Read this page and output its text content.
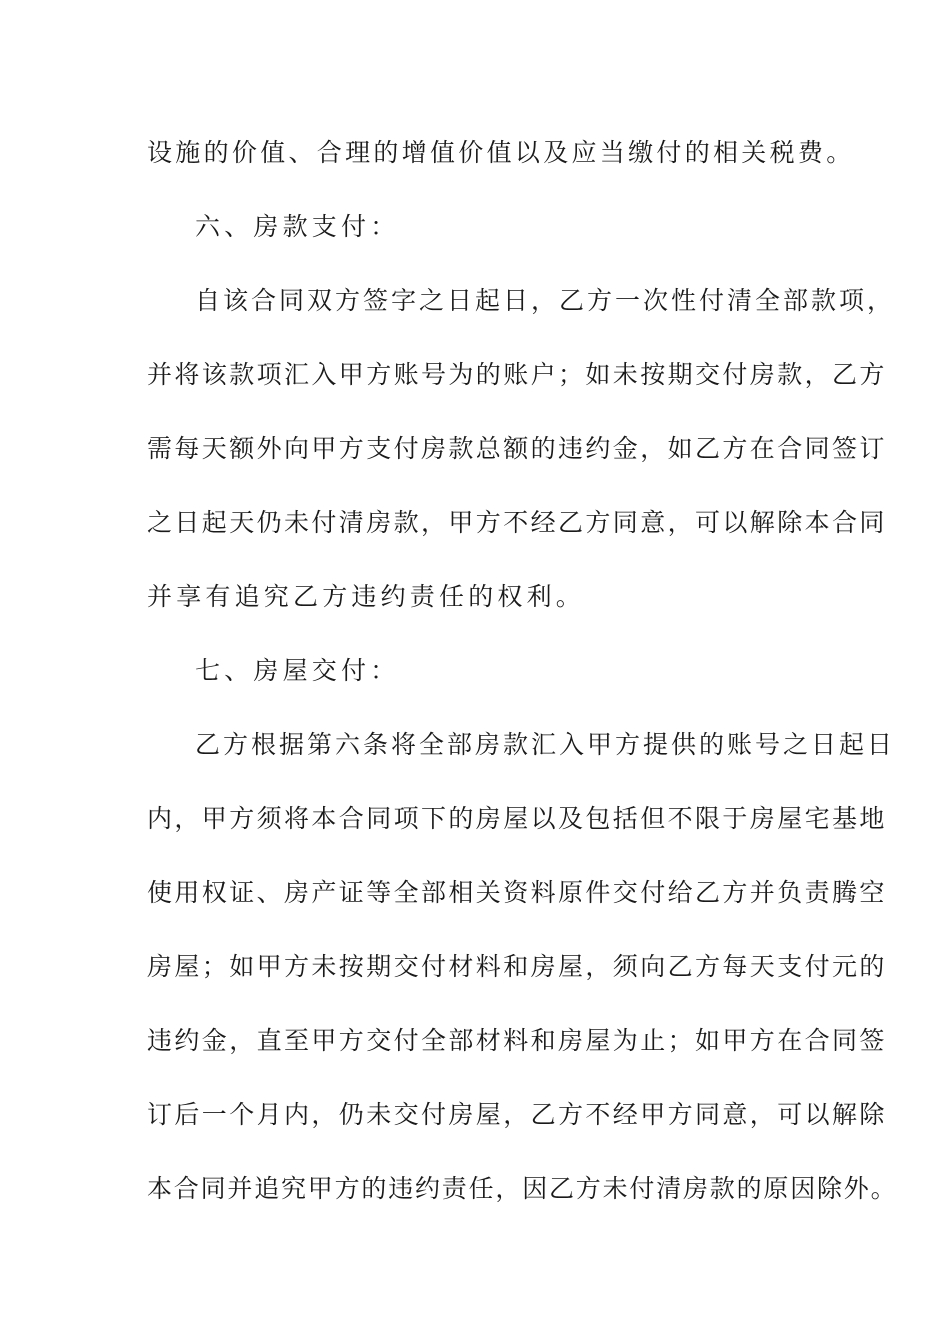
设施的价值、合理的增值价值以及应当缴付的相关税费。
六、房款支付：
自该合同双方签字之日起日，乙方一次性付清全部款项，
并将该款项汇入甲方账号为的账户；如未按期交付房款，乙方
需每天额外向甲方支付房款总额的违约金，如乙方在合同签订
之日起天仍未付清房款，甲方不经乙方同意，可以解除本合同
并享有追究乙方违约责任的权利。
七、房屋交付：
乙方根据第六条将全部房款汇入甲方提供的账号之日起日
内，甲方须将本合同项下的房屋以及包括但不限于房屋宅基地
使用权证、房产证等全部相关资料原件交付给乙方并负责腾空
房屋；如甲方未按期交付材料和房屋，须向乙方每天支付元的
违约金，直至甲方交付全部材料和房屋为止；如甲方在合同签
订后一个月内，仍未交付房屋，乙方不经甲方同意，可以解除
本合同并追究甲方的违约责任，因乙方未付清房款的原因除外。
